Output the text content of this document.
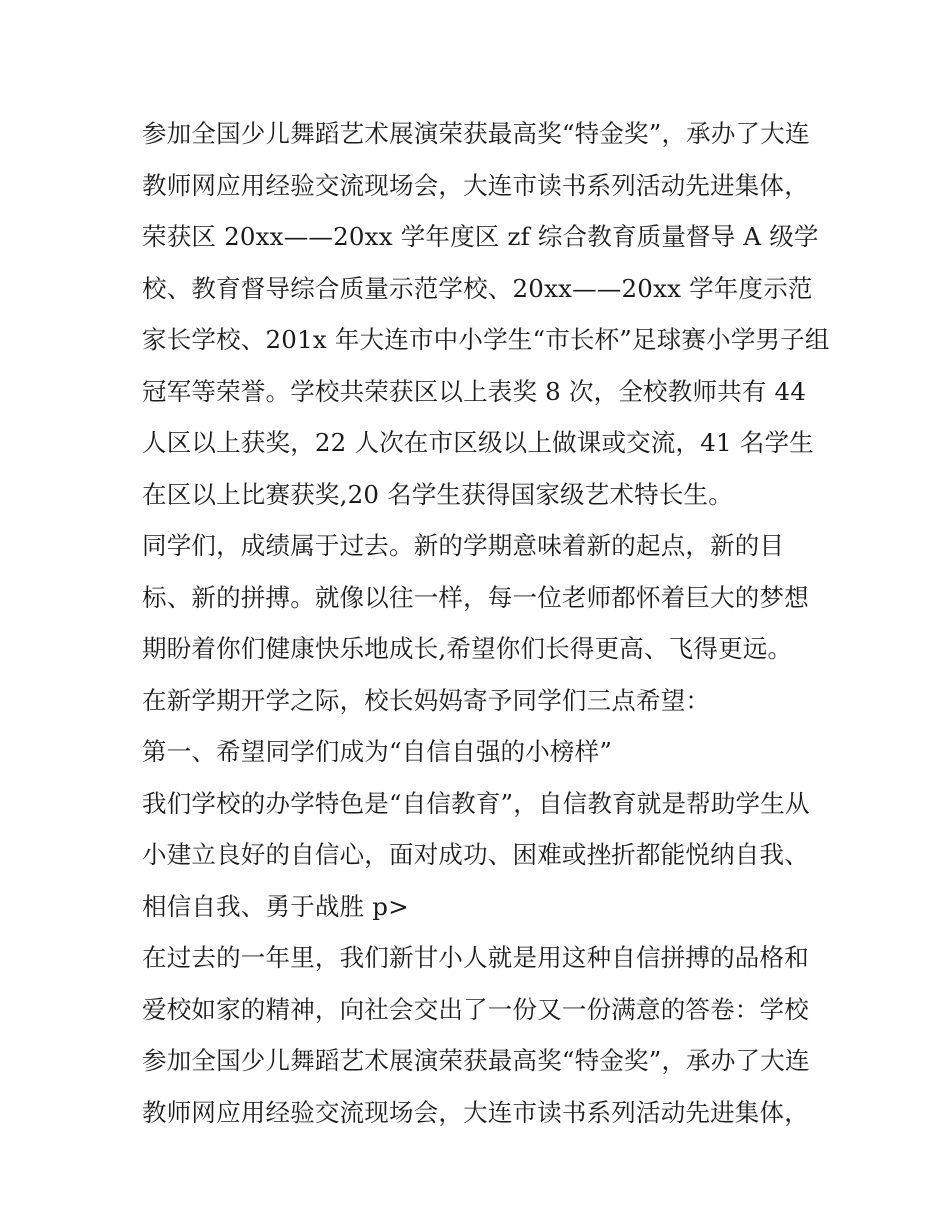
参加全国少儿舞蹈艺术展演荣获最高奖“特金奖”，承办了大连
教师网应用经验交流现场会，大连市读书系列活动先进集体，
荣获区 20xx——20xx 学年度区 zf 综合教育质量督导 A 级学
校、教育督导综合质量示范学校、20xx——20xx 学年度示范
家长学校、201x 年大连市中小学生“市长杯”足球赛小学男子组
冠军等荣誉。学校共荣获区以上表奖 8 次，全校教师共有 44
人区以上获奖，22 人次在市区级以上做课或交流，41 名学生
在区以上比赛获奖,20 名学生获得国家级艺术特长生。
同学们，成绩属于过去。新的学期意味着新的起点，新的目
标、新的拼搏。就像以往一样，每一位老师都怀着巨大的梦想
期盼着你们健康快乐地成长,希望你们长得更高、飞得更远。
在新学期开学之际，校长妈妈寄予同学们三点希望：
第一、希望同学们成为“自信自强的小榜样”
我们学校的办学特色是“自信教育”，自信教育就是帮助学生从
小建立良好的自信心，面对成功、困难或挫折都能悦纳自我、
相信自我、勇于战胜 p>
在过去的一年里，我们新甘小人就是用这种自信拼搏的品格和
爱校如家的精神，向社会交出了一份又一份满意的答卷：学校
参加全国少儿舞蹈艺术展演荣获最高奖“特金奖”，承办了大连
教师网应用经验交流现场会，大连市读书系列活动先进集体，
